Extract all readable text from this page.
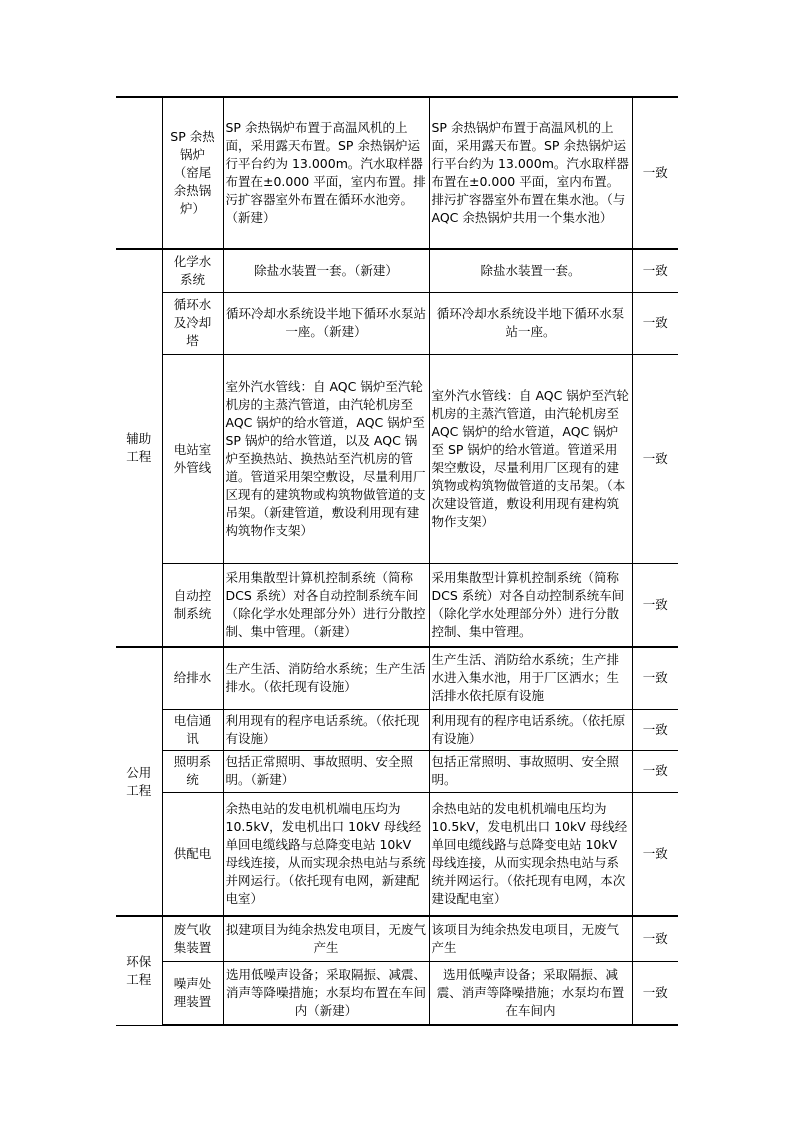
	SP 余热锅炉（窑尾余热锅炉）	SP 余热锅炉布置于高温风机的上面，采用露天布置。SP 余热锅炉运行平台约为 13.000m。汽水取样器布置在±0.000 平面，室内布置。排污扩容器室外布置在循环水池旁。（新建）	SP 余热锅炉布置于高温风机的上面，采用露天布置。SP 余热锅炉运行平台约为 13.000m。汽水取样器布置在±0.000 平面，室内布置。排污扩容器室外布置在集水池。（与 AQC 余热锅炉共用一个集水池）	一致
辅助工程	化学水系统	除盐水装置一套。（新建）	除盐水装置一套。	一致
	循环水及冷却塔	循环冷却水系统设半地下循环水泵站一座。（新建）	循环冷却水系统设半地下循环水泵站一座。	一致
	电站室外管线	室外汽水管线：自 AQC 锅炉至汽轮机房的主蒸汽管道，由汽轮机房至 AQC 锅炉的给水管道，AQC 锅炉至 SP 锅炉的给水管道，以及 AQC 锅炉至换热站、换热站至汽机房的管道。管道采用架空敷设，尽量利用厂区现有的建筑物或构筑物做管道的支吊架。（新建管道，敷设利用现有建构筑物作支架）	室外汽水管线：自 AQC 锅炉至汽轮机房的主蒸汽管道，由汽轮机房至 AQC 锅炉的给水管道，AQC 锅炉至 SP 锅炉的给水管道。管道采用架空敷设，尽量利用厂区现有的建筑物或构筑物做管道的支吊架。（本次建设管道，敷设利用现有建构筑物作支架）	一致
	自动控制系统	采用集散型计算机控制系统（简称 DCS 系统）对各自动控制系统车间（除化学水处理部分外）进行分散控制、集中管理。（新建）	采用集散型计算机控制系统（简称 DCS 系统）对各自动控制系统车间（除化学水处理部分外）进行分散控制、集中管理。	一致
公用工程	给排水	生产生活、消防给水系统；生产生活排水。（依托现有设施）	生产生活、消防给水系统；生产排水进入集水池，用于厂区洒水；生活排水依托原有设施	一致
	电信通讯	利用现有的程序电话系统。（依托现有设施）	利用现有的程序电话系统。（依托原有设施）	一致
	照明系统	包括正常照明、事故照明、安全照明。（新建）	包括正常照明、事故照明、安全照明。	一致
	供配电	余热电站的发电机机端电压均为 10.5kV，发电机出口 10kV 母线经单回电缆线路与总降变电站 10kV 母线连接，从而实现余热电站与系统并网运行。（依托现有电网，新建配电室）	余热电站的发电机机端电压均为 10.5kV，发电机出口 10kV 母线经单回电缆线路与总降变电站 10kV 母线连接，从而实现余热电站与系统并网运行。（依托现有电网，本次建设配电室）	一致
环保工程	废气收集装置	拟建项目为纯余热发电项目，无废气产生	该项目为纯余热发电项目，无废气产生	一致
	噪声处理装置	选用低噪声设备；采取隔振、减震、消声等降噪措施；水泵均布置在车间内（新建）	选用低噪声设备；采取隔振、减震、消声等降噪措施；水泵均布置在车间内	一致
